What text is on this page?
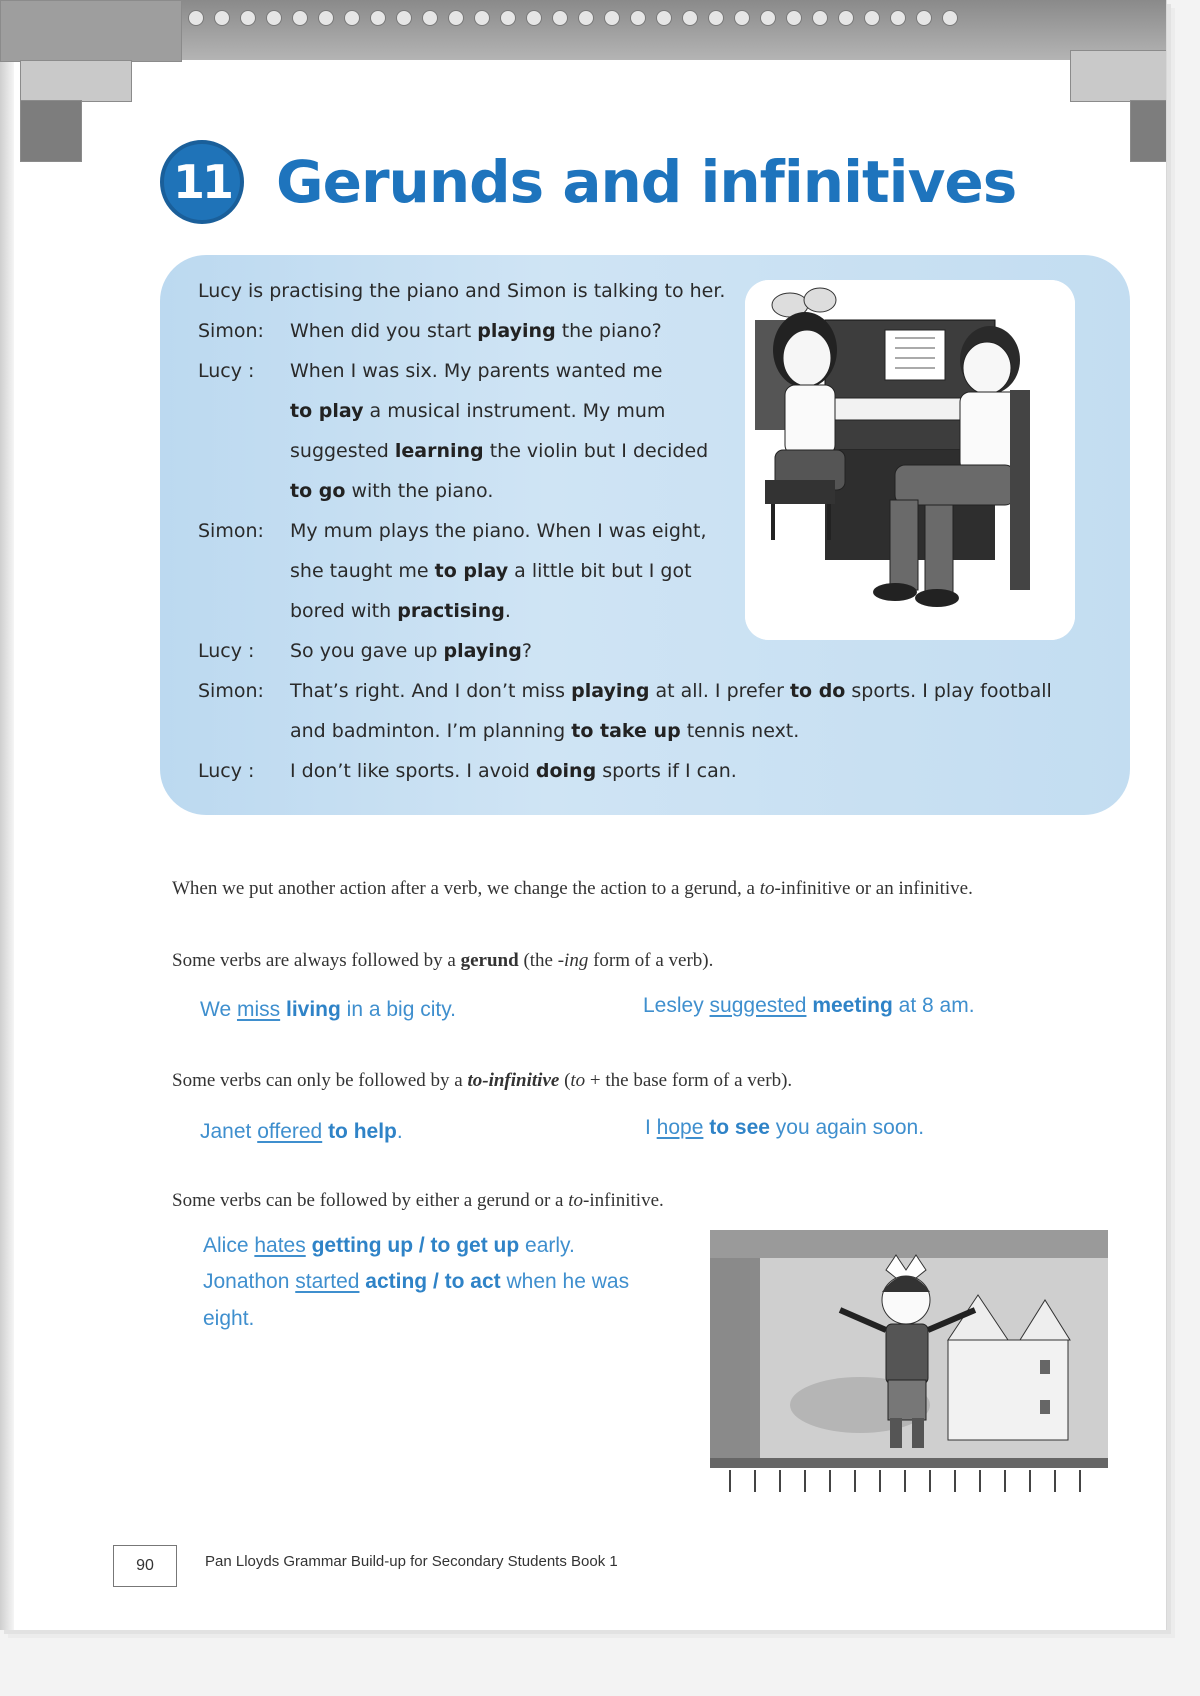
11 Gerunds and infinitives
Lucy is practising the piano and Simon is talking to her.
Simon: When did you start playing the piano?
Lucy : When I was six. My parents wanted me
to play a musical instrument. My mum
suggested learning the violin but I decided
to go with the piano.
Simon: My mum plays the piano. When I was eight,
she taught me to play a little bit but I got
bored with practising.
Lucy : So you gave up playing?
Simon: That’s right. And I don’t miss playing at all. I prefer to do sports. I play football
and badminton. I’m planning to take up tennis next.
Lucy : I don’t like sports. I avoid doing sports if I can.
When we put another action after a verb, we change the action to a gerund, a to-infinitive or an infinitive.
Some verbs are always followed by a gerund (the -ing form of a verb).
We miss living in a big city.	Lesley suggested meeting at 8 am.
Some verbs can only be followed by a to-infinitive (to + the base form of a verb).
Janet offered to help.	I hope to see you again soon.
Some verbs can be followed by either a gerund or a to-infinitive.
Alice hates getting up / to get up early.
Jonathon started acting / to act when he was
eight.
90	Pan Lloyds Grammar Build-up for Secondary Students Book 1
